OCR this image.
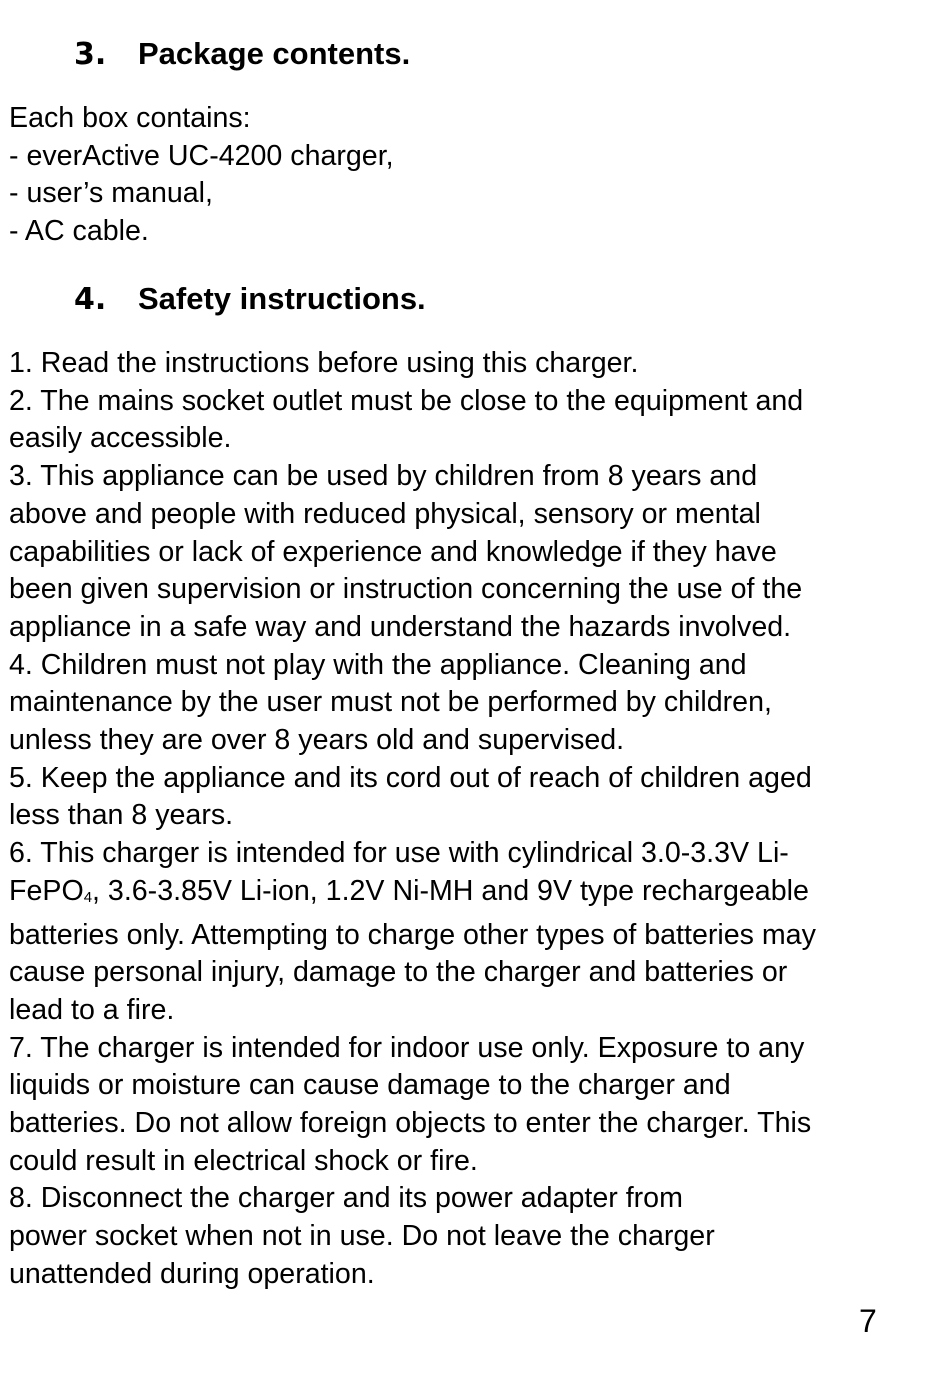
3. Package contents.
Each box contains:
- everActive UC-4200 charger,
- user’s manual,
- AC cable.
4. Safety instructions.
1. Read the instructions before using this charger.
2. The mains socket outlet must be close to the equipment and
easily accessible.
3. This appliance can be used by children from 8 years and
above and people with reduced physical, sensory or mental
capabilities or lack of experience and knowledge if they have
been given supervision or instruction concerning the use of the
appliance in a safe way and understand the hazards involved.
4. Children must not play with the appliance. Cleaning and
maintenance by the user must not be performed by children,
unless they are over 8 years old and supervised.
5. Keep the appliance and its cord out of reach of children aged
less than 8 years.
6. This charger is intended for use with cylindrical 3.0-3.3V Li-
FePO4, 3.6-3.85V Li-ion, 1.2V Ni-MH and 9V type rechargeable
batteries only. Attempting to charge other types of batteries may
cause personal injury, damage to the charger and batteries or
lead to a fire.
7. The charger is intended for indoor use only. Exposure to any
liquids or moisture can cause damage to the charger and
batteries. Do not allow foreign objects to enter the charger. This
could result in electrical shock or fire.
8. Disconnect the charger and its power adapter from
power socket when not in use. Do not leave the charger
unattended during operation.
7
